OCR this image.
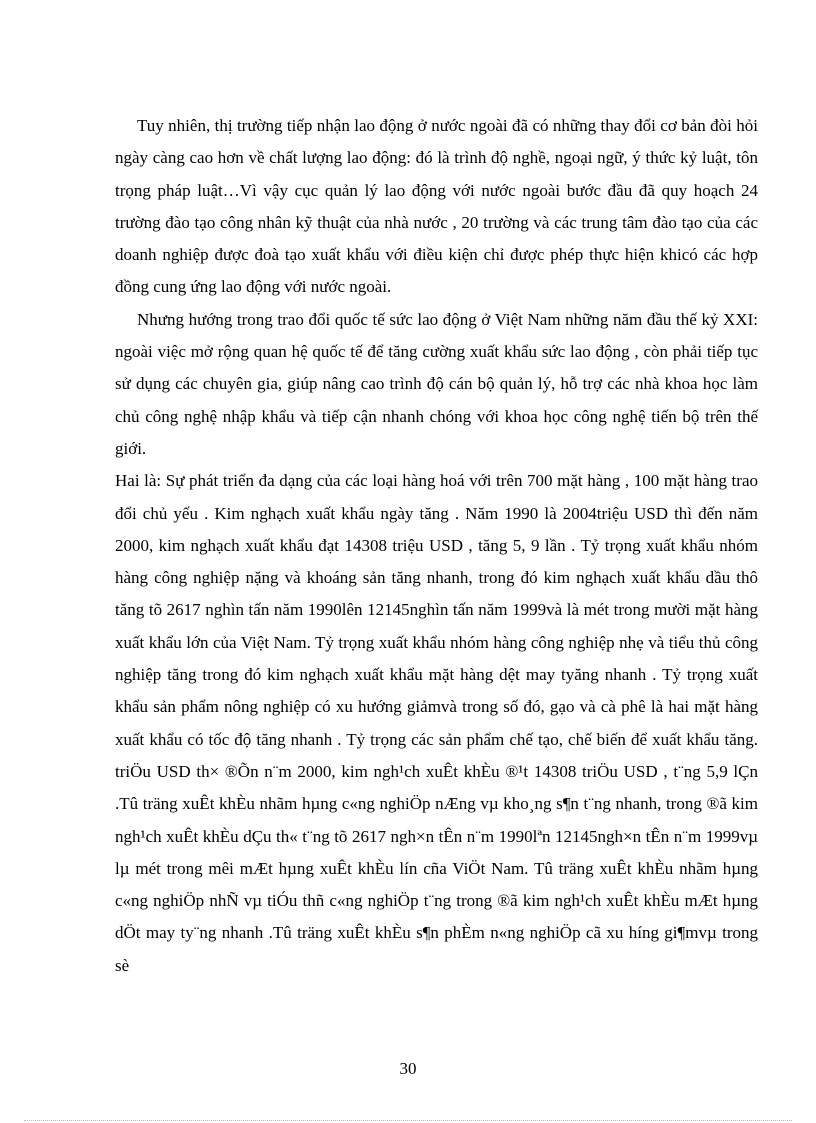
Tuy nhiên, thị trường tiếp nhận lao động ở nước ngoài đã có những thay đổi cơ bản đòi hỏi ngày càng cao hơn về chất lượng lao động: đó là trình độ nghề, ngoại ngữ, ý thức kỷ luật, tôn trọng pháp luật…Vì vậy cục quản lý lao động với nước ngoài bước đầu đã quy hoạch 24 trường đào tạo công nhân kỹ thuật của nhà nước , 20 trường và các trung tâm đào tạo của các doanh nghiệp được đoà tạo xuất khẩu với điều kiện chỉ được phép thực hiện khicó các hợp đồng cung ứng lao động với nước ngoài.

Nhưng hướng trong trao đổi quốc tế sức lao động ở Việt Nam những năm đầu thế kỷ XXI: ngoài việc mở rộng quan hệ quốc tế để tăng cường xuất khẩu sức lao động , còn phải tiếp tục sử dụng các chuyên gia, giúp nâng cao trình độ cán bộ quản lý, hỗ trợ các nhà khoa học làm chủ công nghệ nhập khẩu và tiếp cận nhanh chóng với khoa học công nghệ tiến bộ trên thế giới.

Hai là: Sự phát triển đa dạng của các loại hàng hoá với trên 700 mặt hàng , 100 mặt hàng trao đổi chủ yếu . Kim nghạch xuất khẩu ngày tăng . Năm 1990 là 2004triệu USD thì đến năm 2000, kim nghạch xuất khẩu đạt 14308 triệu USD , tăng 5, 9 lần . Tỷ trọng xuất khẩu nhóm hàng công nghiệp nặng và khoáng sản tăng nhanh, trong đó kim nghạch xuất khẩu dầu thô tăng tõ 2617 nghìn tấn năm 1990lên 12145nghìn tấn năm 1999và là mét trong mười mặt hàng xuất khẩu lớn của Việt Nam. Tỷ trọng xuất khẩu nhóm hàng công nghiệp nhẹ và tiểu thủ công nghiệp tăng trong đó kim nghạch xuất khẩu mặt hàng dệt may tyăng nhanh . Tỷ trọng xuất khẩu sản phẩm nông nghiệp có xu hướng giảmvà trong số đó, gạo và cà phê là hai mặt hàng xuất khẩu có tốc độ tăng nhanh . Tỷ trọng các sản phẩm chế tạo, chế biến để xuất khẩu tăng. triÖu USD th× ®Õn n¨m 2000, kim ngh¹ch xuÊt khÈu ®¹t 14308 triÖu USD , t¨ng 5,9 lÇn .Tû träng xuÊt khÈu nhãm hµng c«ng nghiÖp nÆng vµ kho¸ng s¶n t¨ng nhanh, trong ®ã kim ngh¹ch xuÊt khÈu dÇu th« t¨ng tõ 2617 ngh×n tÊn n¨m 1990lªn 12145ngh×n tÊn n¨m 1999vµ lµ mét trong mêi mÆt hµng xuÊt khÈu lín cña ViÖt Nam. Tû träng xuÊt khÈu nhãm hµng c«ng nghiÖp nhÑ vµ tiÓu thñ c«ng nghiÖp t¨ng trong ®ã kim ngh¹ch xuÊt khÈu mÆt hµng dÖt may ty¨ng nhanh .Tû träng xuÊt khÈu s¶n phÈm n«ng nghiÖp cã xu híng gi¶mvµ trong sè

30
